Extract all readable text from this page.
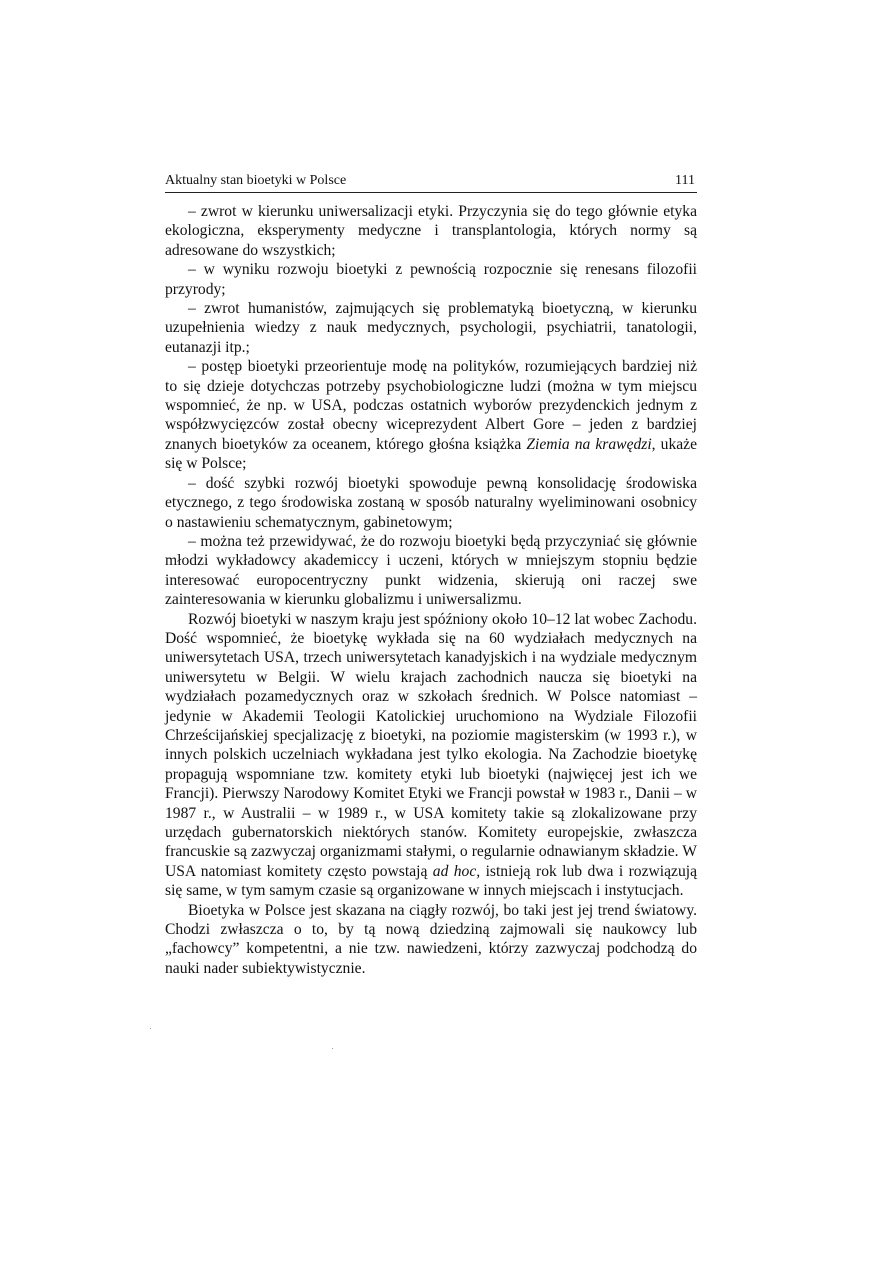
Aktualny stan bioetyki w Polsce	111

– zwrot w kierunku uniwersalizacji etyki. Przyczynia się do tego głównie etyka ekologiczna, eksperymenty medyczne i transplantologia, których normy są adresowane do wszystkich;

– w wyniku rozwoju bioetyki z pewnością rozpocznie się renesans filozofii przyrody;

– zwrot humanistów, zajmujących się problematyką bioetyczną, w kierunku uzupełnienia wiedzy z nauk medycznych, psychologii, psychiatrii, tanatologii, eutanazji itp.;

– postęp bioetyki przeorientuje modę na polityków, rozumiejących bardziej niż to się dzieje dotychczas potrzeby psychobiologiczne ludzi (można w tym miejscu wspomnieć, że np. w USA, podczas ostatnich wyborów prezydenckich jednym z współzwycięzców został obecny wiceprezydent Albert Gore – jeden z bardziej znanych bioetyków za oceanem, którego głośna książka Ziemia na krawędzi, ukaże się w Polsce;

– dość szybki rozwój bioetyki spowoduje pewną konsolidację środowiska etycznego, z tego środowiska zostaną w sposób naturalny wyeliminowani osobnicy o nastawieniu schematycznym, gabinetowym;

– można też przewidywać, że do rozwoju bioetyki będą przyczyniać się głównie młodzi wykładowcy akademiccy i uczeni, których w mniejszym stopniu będzie interesować europocentryczny punkt widzenia, skierują oni raczej swe zainteresowania w kierunku globalizmu i uniwersalizmu.

Rozwój bioetyki w naszym kraju jest spóźniony około 10–12 lat wobec Zachodu. Dość wspomnieć, że bioetykę wykłada się na 60 wydziałach medycznych na uniwersytetach USA, trzech uniwersytetach kanadyjskich i na wydziale medycznym uniwersytetu w Belgii. W wielu krajach zachodnich naucza się bioetyki na wydziałach pozamedycznych oraz w szkołach średnich. W Polsce natomiast – jedynie w Akademii Teologii Katolickiej uruchomiono na Wydziale Filozofii Chrześcijańskiej specjalizację z bioetyki, na poziomie magisterskim (w 1993 r.), w innych polskich uczelniach wykładana jest tylko ekologia. Na Zachodzie bioetykę propagują wspomniane tzw. komitety etyki lub bioetyki (najwięcej jest ich we Francji). Pierwszy Narodowy Komitet Etyki we Francji powstał w 1983 r., Danii – w 1987 r., w Australii – w 1989 r., w USA komitety takie są zlokalizowane przy urzędach gubernatorskich niektórych stanów. Komitety europejskie, zwłaszcza francuskie są zazwyczaj organizmami stałymi, o regularnie odnawianym składzie. W USA natomiast komitety często powstają ad hoc, istnieją rok lub dwa i rozwiązują się same, w tym samym czasie są organizowane w innych miejscach i instytucjach.

Bioetyka w Polsce jest skazana na ciągły rozwój, bo taki jest jej trend światowy. Chodzi zwłaszcza o to, by tą nową dziedziną zajmowali się naukowcy lub „fachowcy” kompetentni, a nie tzw. nawiedzeni, którzy zazwyczaj podchodzą do nauki nader subiektywistycznie.
